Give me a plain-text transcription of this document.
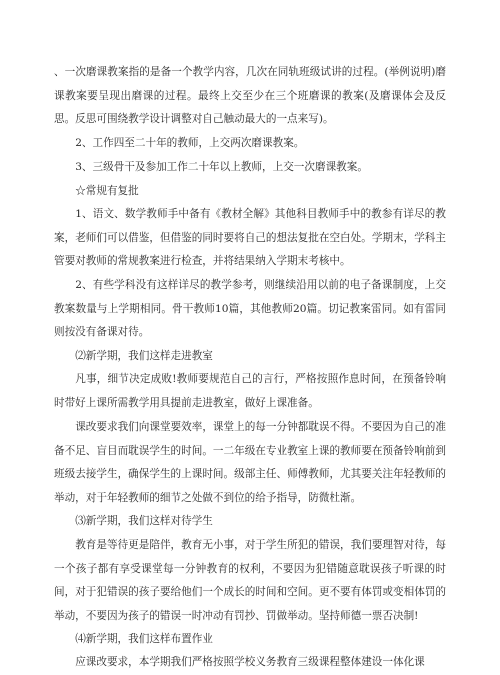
、一次磨课教案指的是备一个教学内容，几次在同轨班级试讲的过程。(举例说明)磨课教案要呈现出磨课的过程。最终上交至少在三个班磨课的教案(及磨课体会及反思。反思可围绕教学设计调整对自己触动最大的一点来写)。

2、工作四至二十年的教师，上交两次磨课教案。

3、三级骨干及参加工作二十年以上教师，上交一次磨课教案。

☆常规有复批

1、语文、数学教师手中备有《教材全解》其他科目教师手中的教参有详尽的教案，老师们可以借鉴，但借鉴的同时要将自己的想法复批在空白处。学期末，学科主管要对教师的常规教案进行检查，并将结果纳入学期末考核中。

2、有些学科没有这样详尽的教学参考，则继续沿用以前的电子备课制度，上交教案数量与上学期相同。骨干教师10篇，其他教师20篇。切记教案雷同。如有雷同则按没有备课对待。

⑵新学期，我们这样走进教室

凡事，细节决定成败!教师要规范自己的言行，严格按照作息时间，在预备铃响时带好上课所需教学用具提前走进教室，做好上课准备。

课改要求我们向课堂要效率，课堂上的每一分钟都耽误不得。不要因为自己的准备不足、盲目而耽误学生的时间。一二年级在专业教室上课的教师要在预备铃响前到班级去接学生，确保学生的上课时间。级部主任、师傅教师，尤其要关注年轻教师的举动，对于年轻教师的细节之处做不到位的给予指导，防微杜渐。

⑶新学期，我们这样对待学生

教育是等待更是陪伴，教育无小事，对于学生所犯的错误，我们要理智对待，每一个孩子都有享受课堂每一分钟教育的权利，不要因为犯错随意耽误孩子听课的时间，对于犯错误的孩子要给他们一个成长的时间和空间。更不要有体罚或变相体罚的举动，不要因为孩子的错误一时冲动有罚抄、罚做举动。坚持师德一票否决制!

⑷新学期，我们这样布置作业

应课改要求，本学期我们严格按照学校义务教育三级课程整体建设一体化课
